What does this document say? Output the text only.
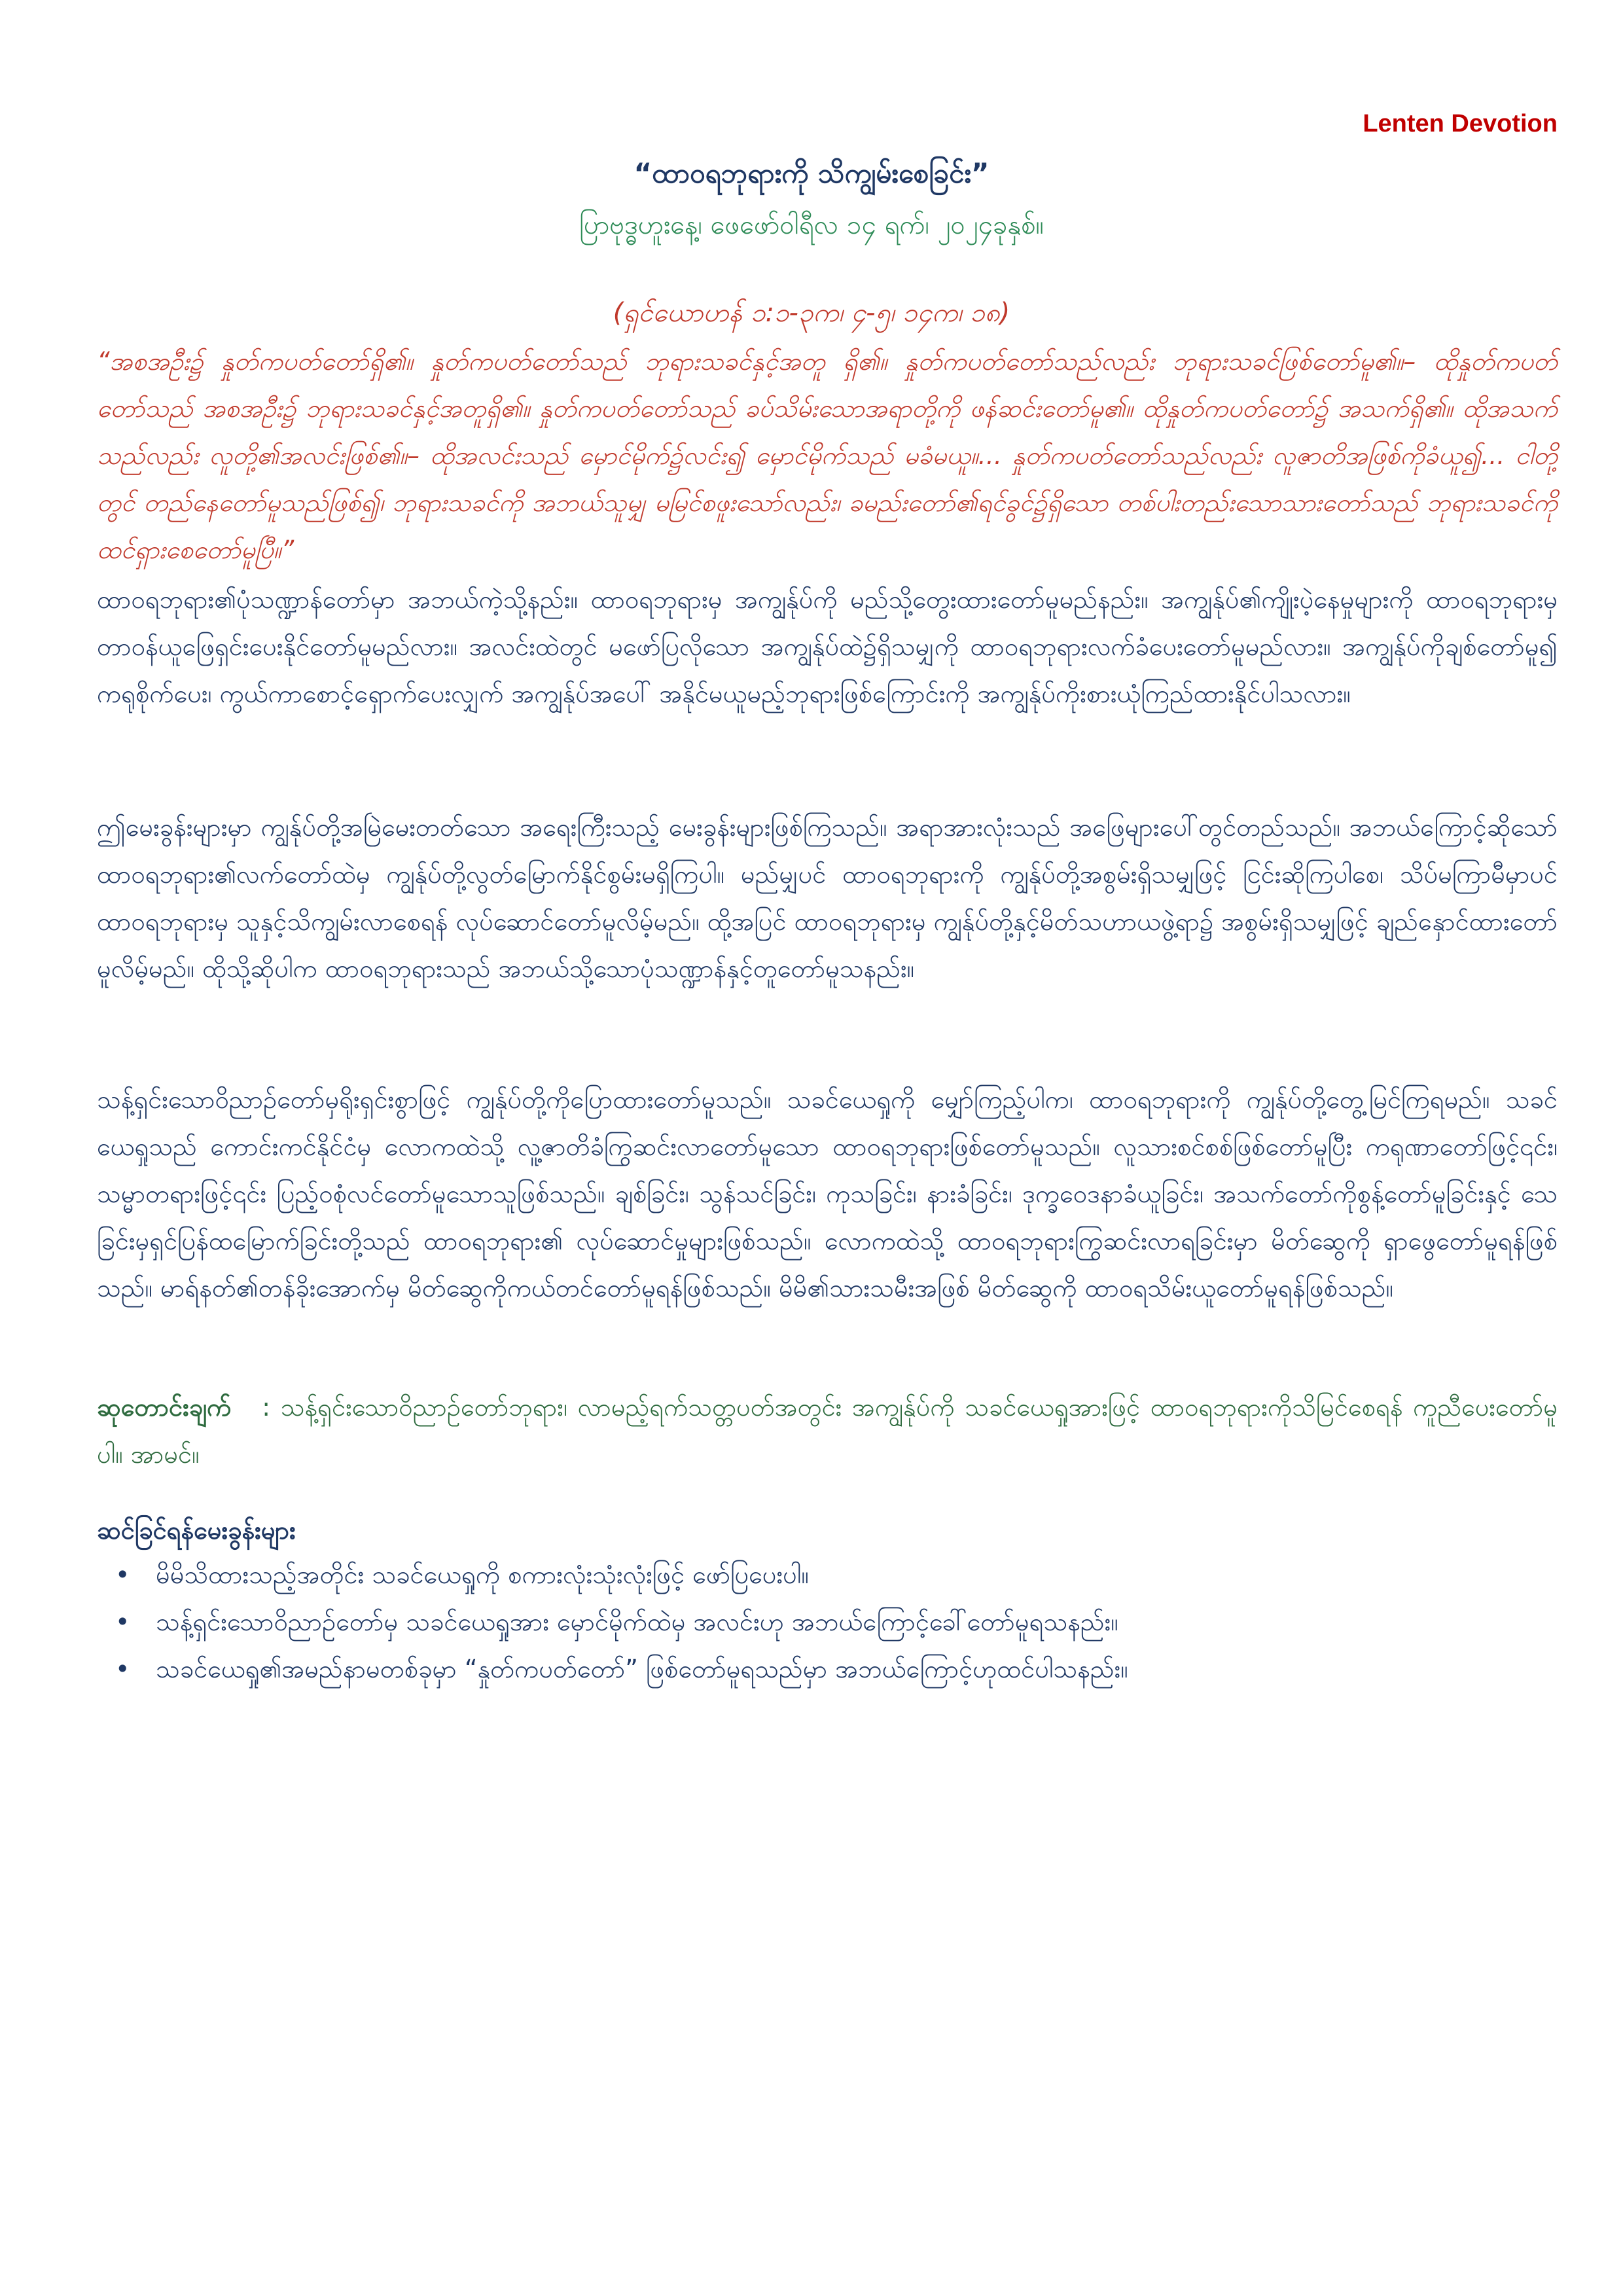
Lenten Devotion
“ထာဝရဘုရားကို သိကျွမ်းစေခြင်း”
ပြာဗုဒ္ဓဟူးနေ့၊ ဖေဖော်ဝါရီလ ၁၄ ရက်၊ ၂၀၂၄ခုနှစ်။
(ရှင်ယောဟန် ၁:၁-၃က၊ ၄-၅၊ ၁၄က၊ ၁၈)

“အစအဦး၌ နှုတ်ကပတ်တော်ရှိ၏။ နှုတ်ကပတ်တော်သည် ဘုရားသခင်နှင့်အတူ ရှိ၏။ နှုတ်ကပတ်တော်သည်လည်း ဘုရားသခင်ဖြစ်တော်မူ၏။– ထိုနှုတ်ကပတ်တော်သည် အစအဦး၌ ဘုရားသခင်နှင့်အတူရှိ၏။ နှုတ်ကပတ်တော်သည် ခပ်သိမ်းသောအရာတို့ကို ဖန်ဆင်းတော်မူ၏။ ထိုနှုတ်ကပတ်တော်၌ အသက်ရှိ၏။ ထိုအသက်သည်လည်း လူတို့၏အလင်းဖြစ်၏။– ထိုအလင်းသည် မှောင်မိုက်၌လင်း၍ မှောင်မိုက်သည် မခံမယူ။... နှုတ်ကပတ်တော်သည်လည်း လူဇာတိအဖြစ်ကိုခံယူ၍... ငါတို့တွင် တည်နေတော်မူသည်ဖြစ်၍၊ ဘုရားသခင်ကို အဘယ်သူမျှ မမြင်စဖူးသော်လည်း၊ ခမည်းတော်၏ရင်ခွင်၌ရှိသော တစ်ပါးတည်းသောသားတော်သည် ဘုရားသခင်ကို ထင်ရှားစေတော်မူပြီ။”

ထာဝရဘုရား၏ပုံသဏ္ဍာန်တော်မှာ အဘယ်ကဲ့သို့နည်း။ ထာဝရဘုရားမှ အကျွန်ုပ်ကို မည်သို့တွေးထားတော်မူမည်နည်း။ အကျွန်ုပ်၏ကျိုးပဲ့နေမှုများကို ထာဝရဘုရားမှ တာဝန်ယူဖြေရှင်းပေးနိုင်တော်မူမည်လား။ အလင်းထဲတွင် မဖော်ပြလိုသော အကျွန်ုပ်ထဲ၌ရှိသမျှကို ထာဝရဘုရားလက်ခံပေးတော်မူမည်လား။ အကျွန်ုပ်ကိုချစ်တော်မူ၍ ကရုစိုက်ပေး၊ ကွယ်ကာစောင့်ရှောက်ပေးလျှက် အကျွန်ုပ်အပေါ် အနိုင်မယူမည့်ဘုရားဖြစ်ကြောင်းကို အကျွန်ုပ်ကိုးစားယုံကြည်ထားနိုင်ပါသလား။

ဤမေးခွန်းများမှာ ကျွန်ုပ်တို့အမြဲမေးတတ်သော အရေးကြီးသည့် မေးခွန်းများဖြစ်ကြသည်။ အရာအားလုံးသည် အဖြေများပေါ်တွင်တည်သည်။ အဘယ်ကြောင့်ဆိုသော် ထာဝရဘုရား၏လက်တော်ထဲမှ ကျွန်ုပ်တို့လွတ်မြောက်နိုင်စွမ်းမရှိကြပါ။ မည်မျှပင် ထာဝရဘုရားကို ကျွန်ုပ်တို့အစွမ်းရှိသမျှဖြင့် ငြင်းဆိုကြပါစေ၊ သိပ်မကြာမီမှာပင် ထာဝရဘုရားမှ သူနှင့်သိကျွမ်းလာစေရန် လုပ်ဆောင်တော်မူလိမ့်မည်။ ထို့အပြင် ထာဝရဘုရားမှ ကျွန်ုပ်တို့နှင့်မိတ်သဟာယဖွဲ့ရာ၌ အစွမ်းရှိသမျှဖြင့် ချည်နှောင်ထားတော်မူလိမ့်မည်။ ထိုသို့ဆိုပါက ထာဝရဘုရားသည် အဘယ်သို့သောပုံသဏ္ဍာန်နှင့်တူတော်မူသနည်း။

သန့်ရှင်းသောဝိညာဉ်တော်မှရိုးရှင်းစွာဖြင့် ကျွန်ုပ်တို့ကိုပြောထားတော်မူသည်။ သခင်ယေရှုကို မျှော်ကြည့်ပါက၊ ထာဝရဘုရားကို ကျွန်ုပ်တို့တွေ့မြင်ကြရမည်။ သခင်ယေရှုသည် ကောင်းကင်နိုင်ငံမှ လောကထဲသို့ လူ့ဇာတိခံကြွဆင်းလာတော်မူသော ထာဝရဘုရားဖြစ်တော်မူသည်။ လူသားစင်စစ်ဖြစ်တော်မူပြီး ကရုဏာတော်ဖြင့်၎င်း၊ သမ္မာတရားဖြင့်၎င်း ပြည့်ဝစုံလင်တော်မူသောသူဖြစ်သည်။ ချစ်ခြင်း၊ သွန်သင်ခြင်း၊ ကုသခြင်း၊ နားခံခြင်း၊ ဒုက္ခဝေဒနာခံယူခြင်း၊ အသက်တော်ကိုစွန့်တော်မူခြင်းနှင့် သေခြင်းမှရှင်ပြန်ထမြောက်ခြင်းတို့သည် ထာဝရဘုရား၏ လုပ်ဆောင်မှုများဖြစ်သည်။ လောကထဲသို့ ထာဝရဘုရားကြွဆင်းလာရခြင်းမှာ မိတ်ဆွေကို ရှာဖွေတော်မူရန်ဖြစ်သည်။ မာရ်နတ်၏တန်ခိုးအောက်မှ မိတ်ဆွေကိုကယ်တင်တော်မူရန်ဖြစ်သည်။ မိမိ၏သားသမီးအဖြစ် မိတ်ဆွေကို ထာဝရသိမ်းယူတော်မူရန်ဖြစ်သည်။

ဆုတောင်းချက် : သန့်ရှင်းသောဝိညာဉ်တော်ဘုရား၊ လာမည့်ရက်သတ္တပတ်အတွင်း အကျွန်ုပ်ကို သခင်ယေရှုအားဖြင့် ထာဝရဘုရားကိုသိမြင်စေရန် ကူညီပေးတော်မူပါ။ အာမင်။

ဆင်ခြင်ရန်မေးခွန်းများ
• မိမိသိထားသည့်အတိုင်း သခင်ယေရှုကို စကားလုံးသုံးလုံးဖြင့် ဖော်ပြပေးပါ။
• သန့်ရှင်းသောဝိညာဉ်တော်မှ သခင်ယေရှုအား မှောင်မိုက်ထဲမှ အလင်းဟု အဘယ်ကြောင့်ခေါ်တော်မူရသနည်း။
• သခင်ယေရှု၏အမည်နာမတစ်ခုမှာ “နှုတ်ကပတ်တော်” ဖြစ်တော်မူရသည်မှာ အဘယ်ကြောင့်ဟုထင်ပါသနည်း။
